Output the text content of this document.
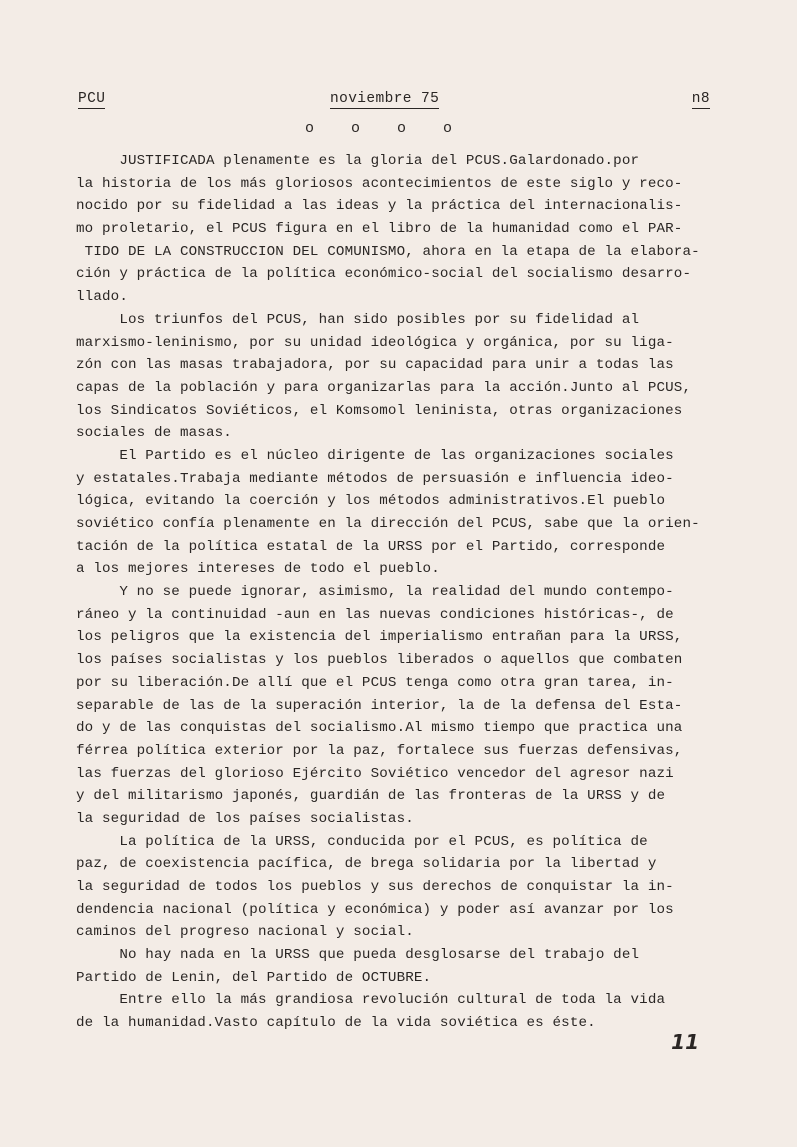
PCU	noviembre 75	n8
o o o o
JUSTIFICADA plenamente es la gloria del PCUS.Galardonado.por
la historia de los más gloriosos acontecimientos de este siglo y reco-
nocido por su fidelidad a las ideas y la práctica del internacionalis-
mo proletario, el PCUS figura en el libro de la humanidad como el PAR-
TIDO DE LA CONSTRUCCION DEL COMUNISMO, ahora en la etapa de la elabora-
ción y práctica de la política económico-social del socialismo desarro-
llado.
Los triunfos del PCUS, han sido posibles por su fidelidad al
marxismo-leninismo, por su unidad ideológica y orgánica, por su liga-
zón con las masas trabajadora, por su capacidad para unir a todas las
capas de la población y para organizarlas para la acción.Junto al PCUS,
los Sindicatos Soviéticos, el Komsomol leninista, otras organizaciones
sociales de masas.
El Partido es el núcleo dirigente de las organizaciones sociales
y estatales.Trabaja mediante métodos de persuasión e influencia ideo-
lógica, evitando la coerción y los métodos administrativos.El pueblo
soviético confía plenamente en la dirección del PCUS, sabe que la orien-
tación de la política estatal de la URSS por el Partido, corresponde
a los mejores intereses de todo el pueblo.
Y no se puede ignorar, asimismo, la realidad del mundo contempo-
ráneo y la continuidad -aun en las nuevas condiciones históricas-, de
los peligros que la existencia del imperialismo entrañan para la URSS,
los países socialistas y los pueblos liberados o aquellos que combaten
por su liberación.De allí que el PCUS tenga como otra gran tarea, in-
separable de las de la superación interior, la de la defensa del Esta-
do y de las conquistas del socialismo.Al mismo tiempo que practica una
férrea política exterior por la paz, fortalece sus fuerzas defensivas,
las fuerzas del glorioso Ejército Soviético vencedor del agresor nazi
y del militarismo japonés, guardián de las fronteras de la URSS y de
la seguridad de los países socialistas.
La política de la URSS, conducida por el PCUS, es política de
paz, de coexistencia pacífica, de brega solidaria por la libertad y
la seguridad de todos los pueblos y sus derechos de conquistar la in-
dendencia nacional (política y económica) y poder así avanzar por los
caminos del progreso nacional y social.
No hay nada en la URSS que pueda desglosarse del trabajo del
Partido de Lenin, del Partido de OCTUBRE.
Entre ello la más grandiosa revolución cultural de toda la vida
de la humanidad.Vasto capítulo de la vida soviética es éste.
11
